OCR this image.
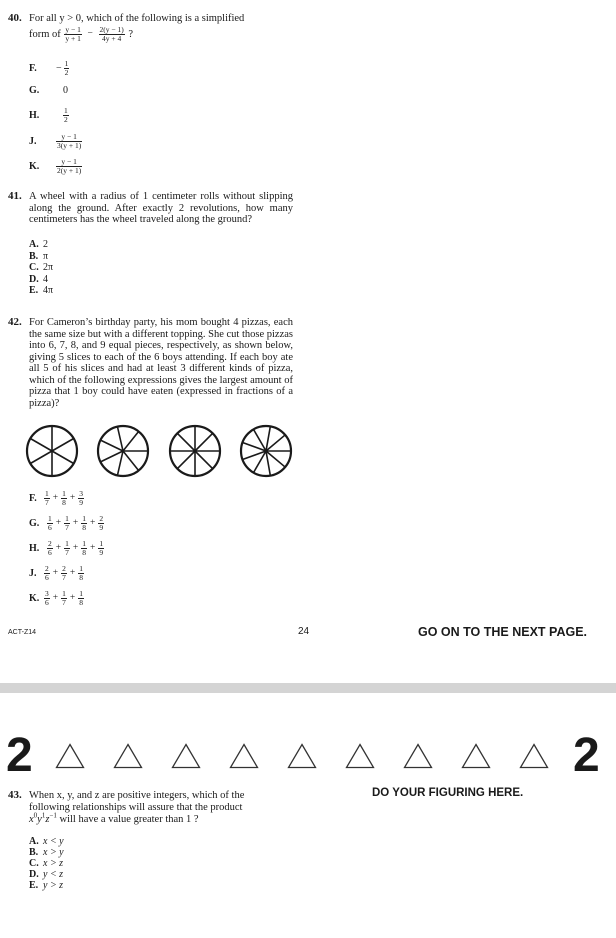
40. For all y > 0, which of the following is a simplified
form of $\frac{y - 1}{y + 1} - \frac{2(y - 1)}{4y + 4}$ ?
F. − $\frac{1}{2}$
G. 0
H.	$\frac{1}{2}$
J.	$\frac{y - 1}{3(y + 1)}$
K. $\frac{y - 1}{2(y + 1)}$
41. A wheel with a radius of 1 centimeter rolls without slipping along the ground. After exactly 2 revolutions, how many centimeters has the wheel traveled along the ground?
A. 2
B. π
C. 2π
D. 4
E. 4π
42. For Cameron’s birthday party, his mom bought 4 pizzas, each the same size but with a different topping. She cut those pizzas into 6, 7, 8, and 9 equal pieces, respectively, as shown below, giving 5 slices to each of the 6 boys attending. If each boy ate all 5 of his slices and had at least 3 different kinds of pizza, which of the following expressions gives the largest amount of pizza that 1 boy could have eaten (expressed in fractions of a pizza)?
F. $\frac{1}{7} + \frac{1}{8} + \frac{3}{9}$
G. $\frac{1}{6} + \frac{1}{7} + \frac{1}{8} + \frac{2}{9}$
H. $\frac{2}{6} + \frac{1}{7} + \frac{1}{8} + \frac{1}{9}$
J. $\frac{2}{6} + \frac{2}{7} + \frac{1}{8}$
K. $\frac{3}{6} + \frac{1}{7} + \frac{1}{8}$
ACT-Z14	24	GO ON TO THE NEXT PAGE.
2	2
43. When x, y, and z are positive integers, which of the
following relationships will assure that the product
$x^0y^1z^{-1}$ will have a value greater than 1 ?
A. x < y
B. x > y
C. x > z
D. y < z
E. y > z
DO YOUR FIGURING HERE.
